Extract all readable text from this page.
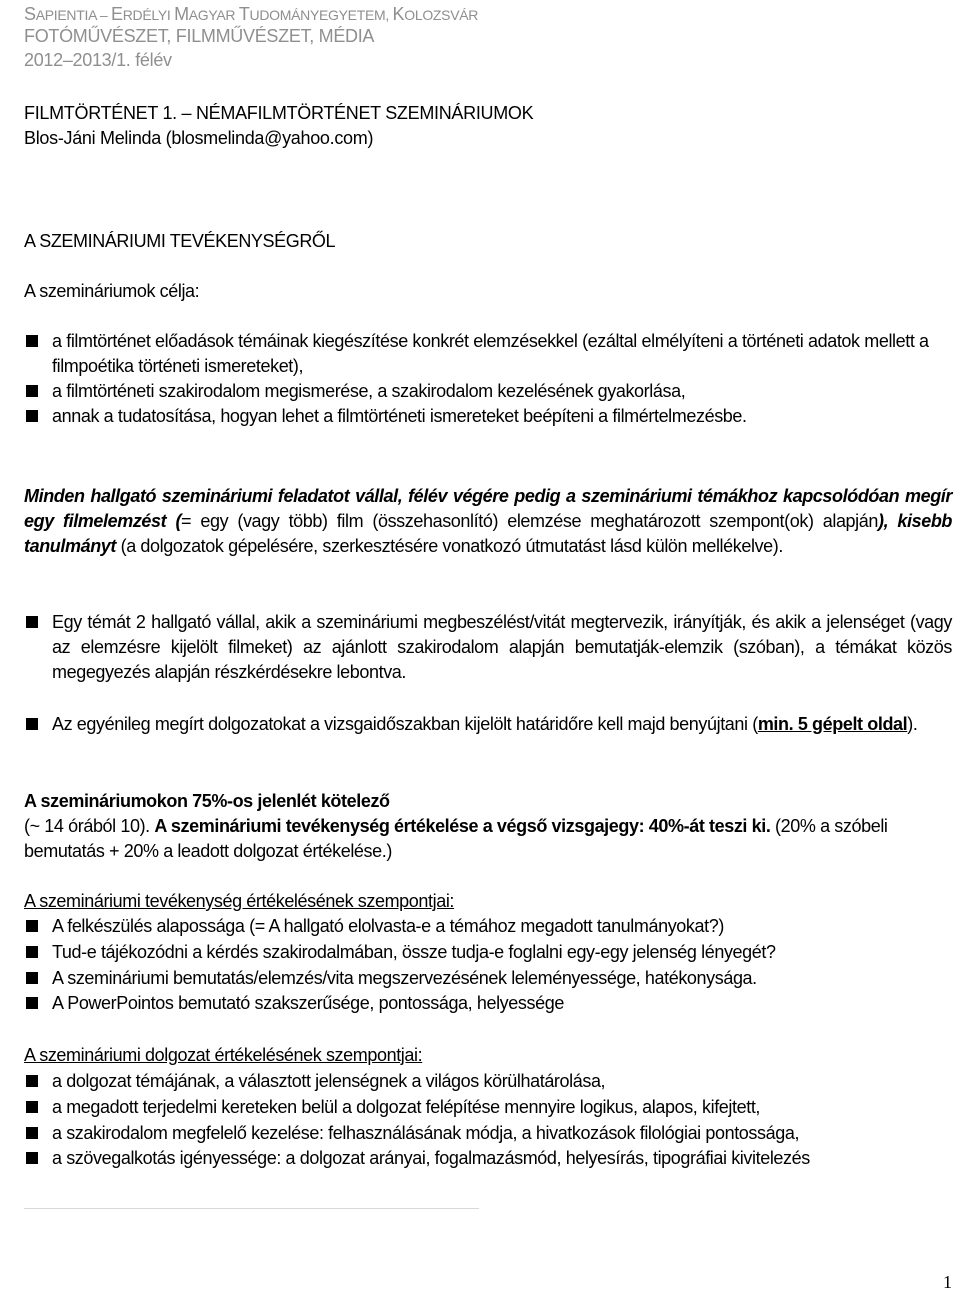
SAPIENTIA – ERDÉLYI MAGYAR TUDOMÁNYEGYETEM, KOLOZSVÁR
FOTÓMŰVÉSZET, FILMMŰVÉSZET, MÉDIA
2012–2013/1. félév
FILMTÖRTÉNET 1. – NÉMAFILMTÖRTÉNET SZEMINÁRIUMOK
Blos-Jáni Melinda (blosmelinda@yahoo.com)
A SZEMINÁRIUMI TEVÉKENYSÉGRŐL
A szemináriumok célja:
a filmtörténet előadások témáinak kiegészítése konkrét elemzésekkel (ezáltal elmélyíteni a történeti adatok mellett a filmpoétika történeti ismereteket),
a filmtörténeti szakirodalom megismerése, a szakirodalom kezelésének gyakorlása,
annak a tudatosítása, hogyan lehet a filmtörténeti ismereteket beépíteni a filmértelmezésbe.
Minden hallgató szemináriumi feladatot vállal, félév végére pedig a szemináriumi témákhoz kapcsolódóan megír egy filmelemzést (= egy (vagy több) film (összehasonlító) elemzése meghatározott szempont(ok) alapján), kisebb tanulmányt (a dolgozatok gépelésére, szerkesztésére vonatkozó útmutatást lásd külön mellékelve).
Egy témát 2 hallgató vállal, akik a szemináriumi megbeszélést/vitát megtervezik, irányítják, és akik a jelenséget (vagy az elemzésre kijelölt filmeket) az ajánlott szakirodalom alapján bemutatják-elemzik (szóban), a témákat közös megegyezés alapján részkérdésekre lebontva.
Az egyénileg megírt dolgozatokat a vizsgaidőszakban kijelölt határidőre kell majd benyújtani (min. 5 gépelt oldal).
A szemináriumokon 75%-os jelenlét kötelező
(~ 14 órából 10). A szemináriumi tevékenység értékelése a végső vizsgajegy: 40%-át teszi ki. (20% a szóbeli bemutatás + 20% a leadott dolgozat értékelése.)
A szemináriumi tevékenység értékelésének szempontjai:
A felkészülés alapossága (= A hallgató elolvasta-e a témához megadott tanulmányokat?)
Tud-e tájékozódni a kérdés szakirodalmában, össze tudja-e foglalni egy-egy jelenség lényegét?
A szemináriumi bemutatás/elemzés/vita megszervezésének leleményessége, hatékonysága.
A PowerPointos bemutató szakszerűsége, pontossága, helyessége
A szemináriumi dolgozat értékelésének szempontjai:
a dolgozat témájának, a választott jelenségnek a világos körülhatárolása,
a megadott terjedelmi kereteken belül a dolgozat felépítése mennyire logikus, alapos, kifejtett,
a szakirodalom megfelelő kezelése: felhasználásának módja, a hivatkozások filológiai pontossága,
a szövegalkotás igényessége: a dolgozat arányai, fogalmazásmód, helyesírás, tipográfiai kivitelezés
1
